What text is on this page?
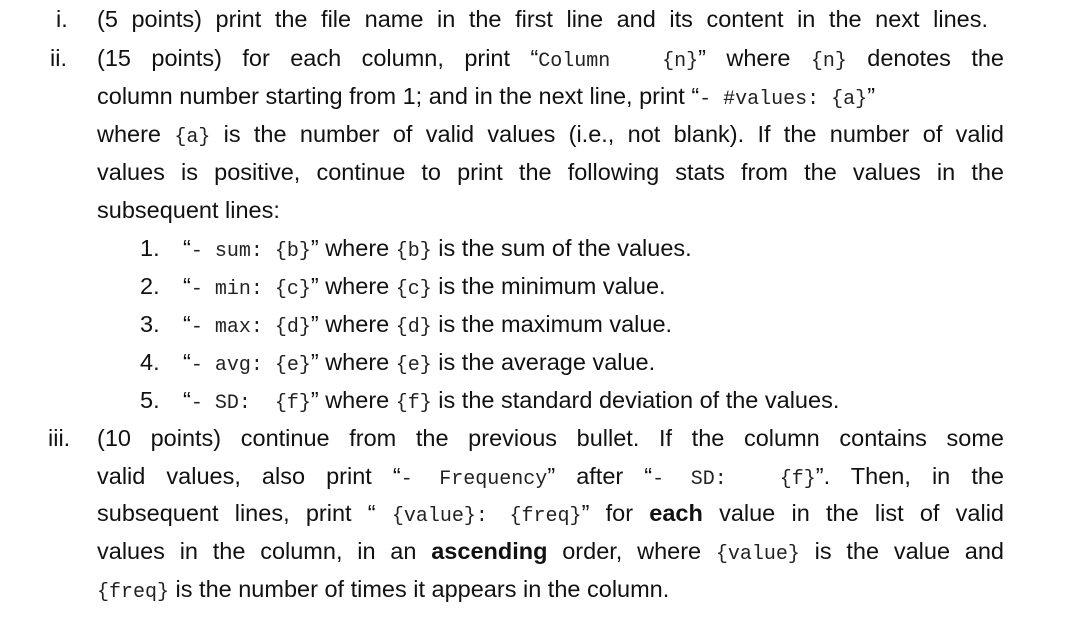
i. (5 points) print the file name in the first line and its content in the next lines.
ii. (15 points) for each column, print “Column  {n}” where {n} denotes the
column number starting from 1; and in the next line, print “- #values: {a}”
where {a} is the number of valid values (i.e., not blank). If the number of valid
values is positive, continue to print the following stats from the values in the
subsequent lines:
1. “- sum: {b}” where {b} is the sum of the values.
2. “- min: {c}” where {c} is the minimum value.
3. “- max: {d}” where {d} is the maximum value.
4. “- avg: {e}” where {e} is the average value.
5. “- SD:  {f}” where {f} is the standard deviation of the values.
iii. (10 points) continue from the previous bullet. If the column contains some
valid values, also print “- Frequency” after “- SD:  {f}”. Then, in the
subsequent lines, print “ {value}: {freq}” for each value in the list of valid
values in the column, in an ascending order, where {value} is the value and
{freq} is the number of times it appears in the column.
